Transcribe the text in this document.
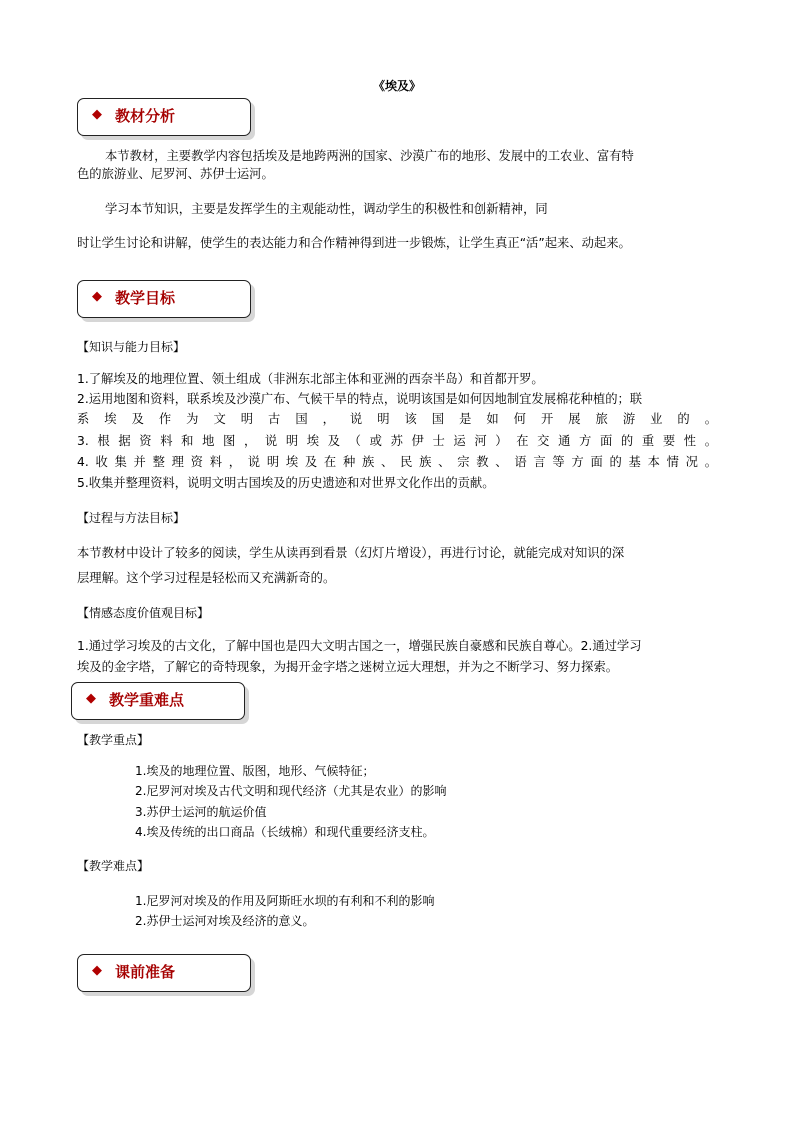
《埃及》
◆ 教材分析
本节教材，主要教学内容包括埃及是地跨两洲的国家、沙漠广布的地形、发展中的工农业、富有特
色的旅游业、尼罗河、苏伊士运河。
学习本节知识，主要是发挥学生的主观能动性，调动学生的积极性和创新精神，同
时让学生讨论和讲解，使学生的表达能力和合作精神得到进一步锻炼，让学生真正“活”起来、动起来。
◆ 教学目标
【知识与能力目标】
1.了解埃及的地理位置、领土组成（非洲东北部主体和亚洲的西奈半岛）和首都开罗。
2.运用地图和资料，联系埃及沙漠广布、气候干旱的特点，说明该国是如何因地制宜发展棉花种植的；联
系埃及作为文明古国，说明该国是如何开展旅游业的。
3.根据资料和地图，说明埃及（或苏伊士运河）在交通方面的重要性。
4.收集并整理资料，说明埃及在种族、民族、宗教、语言等方面的基本情况。
5.收集并整理资料，说明文明古国埃及的历史遗迹和对世界文化作出的贡献。
【过程与方法目标】
本节教材中设计了较多的阅读，学生从读再到看景（幻灯片增设），再进行讨论，就能完成对知识的深
层理解。这个学习过程是轻松而又充满新奇的。
【情感态度价值观目标】
1.通过学习埃及的古文化，了解中国也是四大文明古国之一，增强民族自豪感和民族自尊心。2.通过学习
埃及的金字塔，了解它的奇特现象，为揭开金字塔之迷树立远大理想，并为之不断学习、努力探索。
◆ 教学重难点
【教学重点】
1.埃及的地理位置、版图，地形、气候特征；
2.尼罗河对埃及古代文明和现代经济（尤其是农业）的影响
3.苏伊士运河的航运价值
4.埃及传统的出口商品（长绒棉）和现代重要经济支柱。
【教学难点】
1.尼罗河对埃及的作用及阿斯旺水坝的有利和不利的影响
2.苏伊士运河对埃及经济的意义。
◆ 课前准备
